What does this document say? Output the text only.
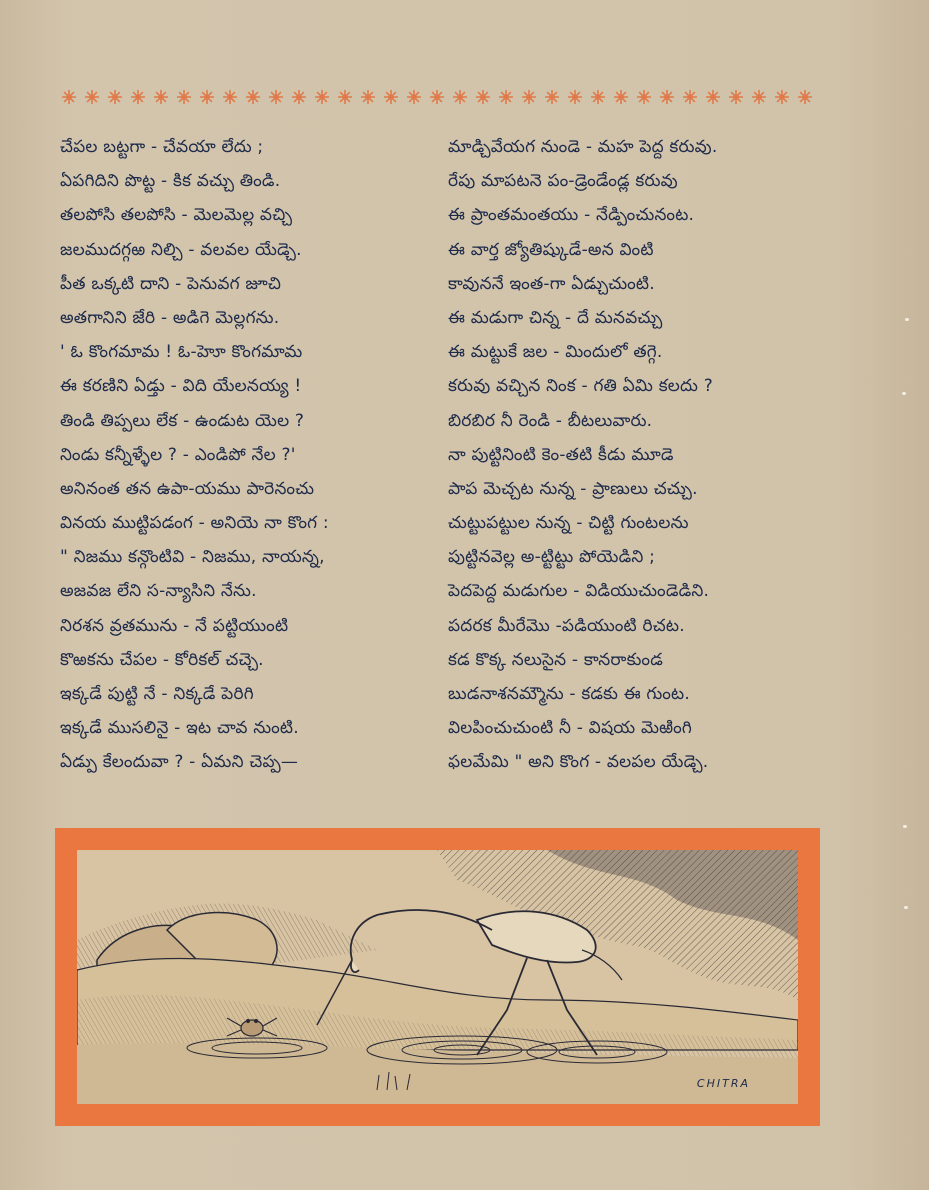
చేపల బట్టగా - చేవయా లేదు ;
ఏపగిదిని పొట్ట - కిక వచ్చు తిండి.
తలపోసి తలపోసి - మెలమెల్ల వచ్చి
జలముదగ్గఱ నిల్చి - వలవల యేడ్చె.
పీత ఒక్కటి దాని - పెనువగ జూచి
అతగానిని జేరి - అడిగె మెల్లగను.
' ఓ కొంగమామ ! ఓ-హెూ కొంగమామ
ఈ కరణిని ఏడ్తు - విది యేలనయ్య !
తిండి తిప్పలు లేక - ఉండుట యెల ?
నిండు కన్నీళ్ళేల ? - ఎండిపో నేల ?'
అనినంత తన ఉపా-యము పారెనంచు
వినయ ముట్టిపడంగ - అనియె నా కొంగ :
" నిజము కన్గొంటివి - నిజము, నాయన్న,
అజవజ లేని స-న్యాసిని నేను.
నిరశన వ్రతమును - నే పట్టియుంటి
కొఱకను చేపల - కోరికల్ చచ్చె.
ఇక్కడే పుట్టి నే - నిక్కడే పెరిగి
ఇక్కడే ముసలినై - ఇట చావ నుంటి.
ఏడ్పు కేలందువా ? - ఏమని చెప్ప—
మాడ్చివేయగ నుండె - మహ పెద్ద కరువు.
రేపు మాపటనె పం-డ్రెండేండ్ల కరువు
ఈ ప్రాంతమంతయు - నేడ్పించునంట.
ఈ వార్త జ్యోతిష్కుడే-అన వింటి
కావుననే ఇంత-గా ఏడ్చుచుంటి.
ఈ మడుగా చిన్న - దే మనవచ్చు
ఈ మట్టుకే జల - మిందులో తగ్గె.
కరువు వచ్చిన నింక - గతి ఏమి కలదు ?
బిరబిర నీ రెండి - బీటలువారు.
నా పుట్టినింటి కెం-తటి కీడు మూడె
పాప మెచ్చట నున్న - ప్రాణులు చచ్చు.
చుట్టుపట్టుల నున్న - చిట్టి గుంటలను
పుట్టినవెల్ల అ-ట్టిట్టు పోయెడిని ;
పెదపెద్ద మడుగుల - విడియుచుండెడిని.
పదరక మీరేమొ -పడియుంటి రిచట.
కడ కొక్క నలుసైన - కానరాకుండ
బుడనాశనమ్మౌను - కడకు ఈ గుంట.
విలపించుచుంటి నీ - విషయ మెఱింగి
ఫలమేమి " అని కొంగ - వలపల యేడ్చె.
CHITRA
